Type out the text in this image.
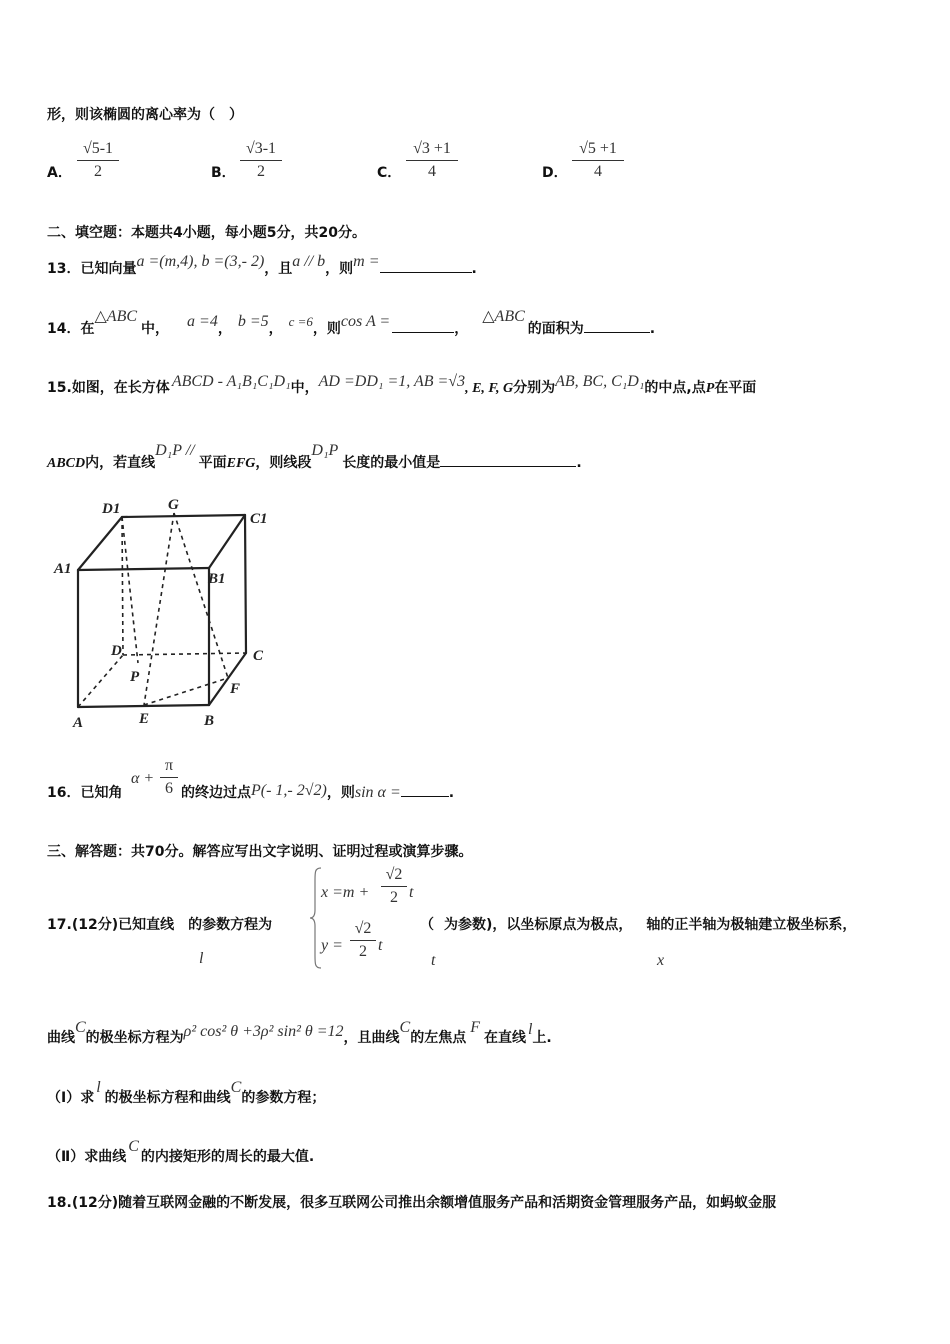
形，则该椭圆的离心率为（　）
A． $\frac{√5-1}{2}$	B． $\frac{√3-1}{2}$	C． $\frac{√3 +1}{4}$	D． $\frac{√5 +1}{4}$
二、填空题：本题共4小题，每小题5分，共20分。
13．已知向量a =(m,4), b =(3,- 2)，且a // b，则m =	.
14．在△ABC中， a =4， b =5， c =6，则cos A =	，△ABC的面积为	.
15.如图，在长方体 ABCD - A₁B₁C₁D₁中，AD =DD₁ =1, AB =√3, E, F, G分别为AB, BC, C₁D₁的中点,点P在平面
ABCD内，若直线D₁P //平面EFG，则线段D₁P长度的最小值是	.
D1	G
C1
A1
B1
D	C
P
F
A	E	B
16．已知角
$\alpha + \frac{\pi}{6}$ 的终边过点P(- 1,- 2√2)，则sin α =	.
三、解答题：共70分。解答应写出文字说明、证明过程或演算步骤。
17.(12分)已知直线 的参数方程为
l
$x =m + \frac{√2}{2}$ t
$y = \frac{√2}{2}$ t
（ 为参数)，以坐标原点为极点， 轴的正半轴为极轴建立极坐标系，
t	x
曲线C的极坐标方程为ρ² cos² θ +3ρ² sin² θ =12，且曲线C的左焦点F在直线 l上.
（Ⅰ）求l的极坐标方程和曲线C的参数方程；
（Ⅱ）求曲线C的内接矩形的周长的最大值.
18.(12分)随着互联网金融的不断发展，很多互联网公司推出余额增值服务产品和活期资金管理服务产品，如蚂蚁金服
